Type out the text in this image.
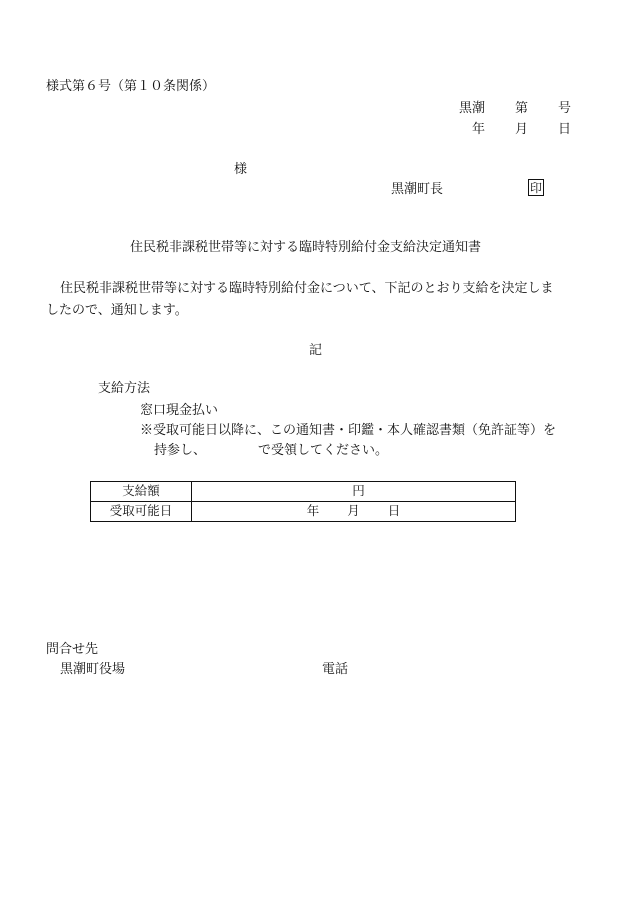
様式第６号（第１０条関係）
黒潮 第 号
年 月 日
様
黒潮町長	印
住民税非課税世帯等に対する臨時特別給付金支給決定通知書
住民税非課税世帯等に対する臨時特別給付金について、下記のとおり支給を決定しま
したので、通知します。
記
支給方法
窓口現金払い
※受取可能日以降に、この通知書・印鑑・本人確認書類（免許証等）を
持参し、	で受領してください。
支給額	円
受取可能日	年 月 日
問合せ先
黒潮町役場	電話
